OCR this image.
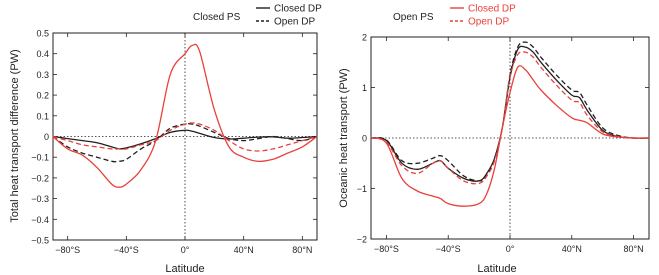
Closed PS
Closed DP
Open DP	Open PS
Closed DP
Open DP
−0.5
−0.4
−0.3
−0.2
−0.1
0
0.1
0.2
0.3
0.4
0.5
−80°S	−40°S	0°	40°N	80°N
Latitude
Total heat transport difference (PW)
−2
−1
0
1
2
−80°S	−40°S	0°	40°N	80°N
Latitude
Oceanic heat transport (PW)
